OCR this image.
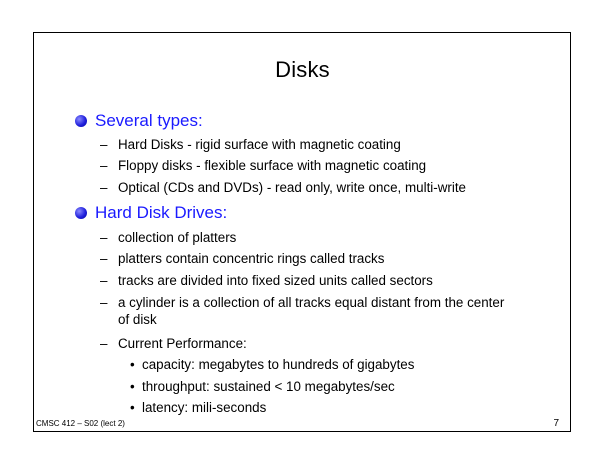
Disks
Several types:
– Hard Disks - rigid surface with magnetic coating
– Floppy disks - flexible surface with magnetic coating
– Optical (CDs and DVDs) - read only, write once, multi-write
Hard Disk Drives:
– collection of platters
– platters contain concentric rings called tracks
– tracks are divided into fixed sized units called sectors
– a cylinder is a collection of all tracks equal distant from the center of disk
– Current Performance:
• capacity: megabytes to hundreds of gigabytes
• throughput: sustained < 10 megabytes/sec
• latency: mili-seconds
CMSC 412 – S02 (lect 2)	7
